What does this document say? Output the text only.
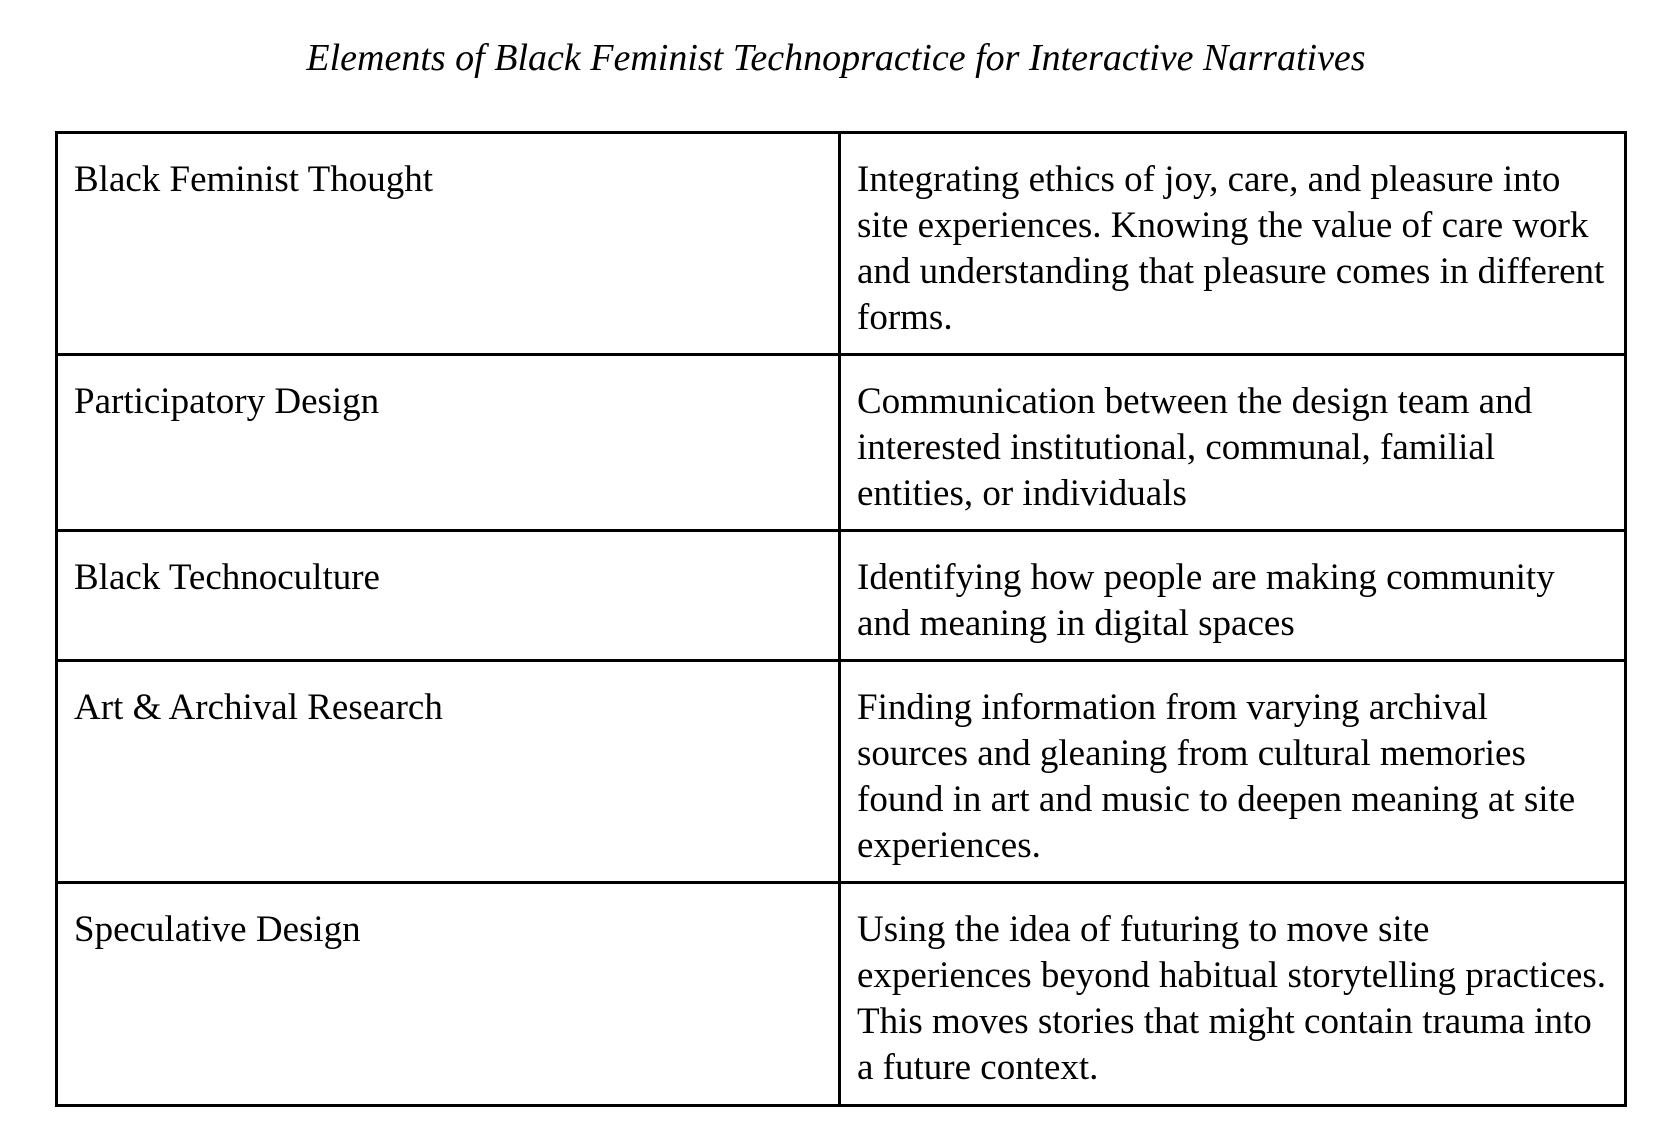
Elements of Black Feminist Technopractice for Interactive Narratives
Black Feminist Thought	Integrating ethics of joy, care, and pleasure into site experiences. Knowing the value of care work and understanding that pleasure comes in different forms.
Participatory Design	Communication between the design team and interested institutional, communal, familial entities, or individuals
Black Technoculture	Identifying how people are making community and meaning in digital spaces
Art & Archival Research	Finding information from varying archival sources and gleaning from cultural memories found in art and music to deepen meaning at site experiences.
Speculative Design	Using the idea of futuring to move site experiences beyond habitual storytelling practices. This moves stories that might contain trauma into a future context.
